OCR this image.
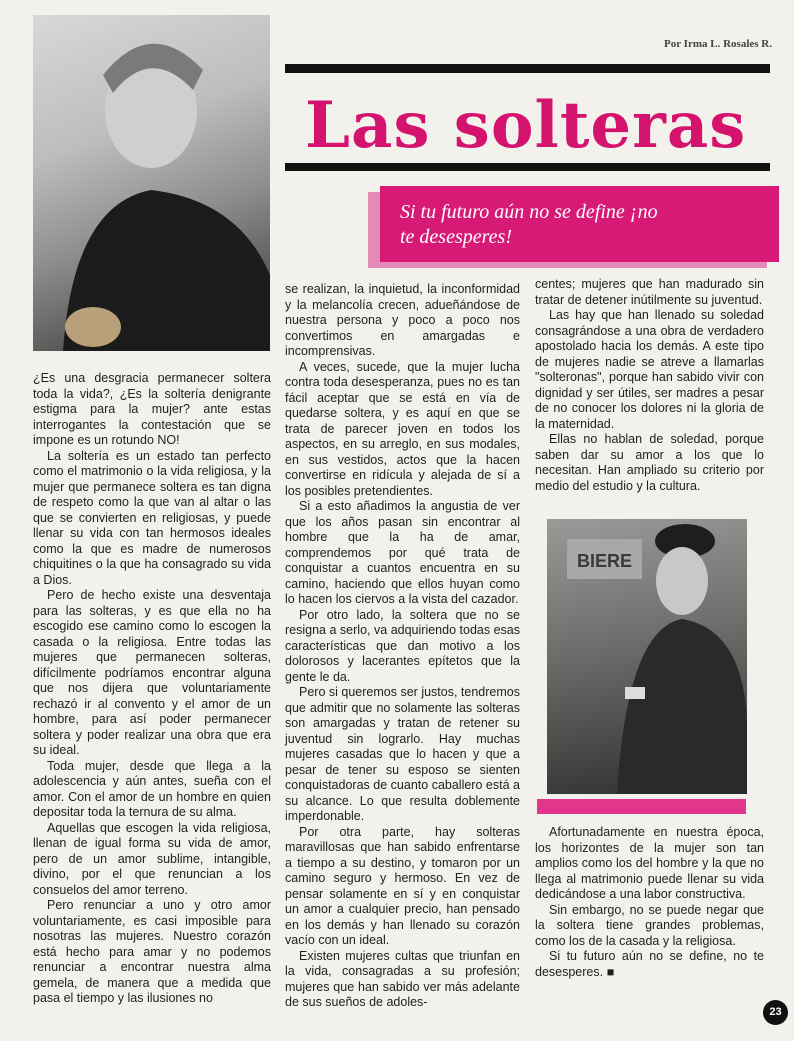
Por Irma L. Rosales R.
Las solteras
Si tu futuro aún no se define ¡no te desesperes!

¿Es una desgracia permanecer soltera toda la vida?, ¿Es la soltería denigrante estigma para la mujer? ante estas interrogantes la contestación que se impone es un rotundo NO!

La soltería es un estado tan perfecto como el matrimonio o la vida religiosa, y la mujer que permanece soltera es tan digna de respeto como la que van al altar o las que se convierten en religiosas, y puede llenar su vida con tan hermosos ideales como la que es madre de numerosos chiquitines o la que ha consagrado su vida a Dios.

Pero de hecho existe una desventaja para las solteras, y es que ella no ha escogido ese camino como lo escogen la casada o la religiosa. Entre todas las mujeres que permanecen solteras, difícilmente podríamos encontrar alguna que nos dijera que voluntariamente rechazó ir al convento y el amor de un hombre, para así poder permanecer soltera y poder realizar una obra que era su ideal.

Toda mujer, desde que llega a la adolescencia y aún antes, sueña con el amor. Con el amor de un hombre en quien depositar toda la ternura de su alma.

Aquellas que escogen la vida religiosa, llenan de igual forma su vida de amor, pero de un amor sublime, intangible, divino, por el que renuncian a los consuelos del amor terreno.

Pero renunciar a uno y otro amor voluntariamente, es casi imposible para nosotras las mujeres. Nuestro corazón está hecho para amar y no podemos renunciar a encontrar nuestra alma gemela, de manera que a medida que pasa el tiempo y las ilusiones no

se realizan, la inquietud, la inconformidad y la melancolía crecen, adueñándose de nuestra persona y poco a poco nos convertimos en amargadas e incomprensivas.

A veces, sucede, que la mujer lucha contra toda desesperanza, pues no es tan fácil aceptar que se está en vía de quedarse soltera, y es aquí en que se trata de parecer joven en todos los aspectos, en su arreglo, en sus modales, en sus vestidos, actos que la hacen convertirse en ridícula y alejada de sí a los posibles pretendientes.

Si a esto añadimos la angustia de ver que los años pasan sin encontrar al hombre que la ha de amar, comprendemos por qué trata de conquistar a cuantos encuentra en su camino, haciendo que ellos huyan como lo hacen los ciervos a la vista del cazador.

Por otro lado, la soltera que no se resigna a serlo, va adquiriendo todas esas características que dan motivo a los dolorosos y lacerantes epítetos que la gente le da.

Pero si queremos ser justos, tendremos que admitir que no solamente las solteras son amargadas y tratan de retener su juventud sin lograrlo. Hay muchas mujeres casadas que lo hacen y que a pesar de tener su esposo se sienten conquistadoras de cuanto caballero está a su alcance. Lo que resulta doblemente imperdonable.

Por otra parte, hay solteras maravillosas que han sabido enfrentarse a tiempo a su destino, y tomaron por un camino seguro y hermoso. En vez de pensar solamente en sí y en conquistar un amor a cualquier precio, han pensado en los demás y han llenado su corazón vacío con un ideal.

Existen mujeres cultas que triunfan en la vida, consagradas a su profesión; mujeres que han sabido ver más adelante de sus sueños de adoles-

centes; mujeres que han madurado sin tratar de detener inútilmente su juventud.

Las hay que han llenado su soledad consagrándose a una obra de verdadero apostolado hacia los demás. A este tipo de mujeres nadie se atreve a llamarlas "solteronas", porque han sabido vivir con dignidad y ser útiles, ser madres a pesar de no conocer los dolores ni la gloria de la maternidad.

Ellas no hablan de soledad, porque saben dar su amor a los que lo necesitan. Han ampliado su criterio por medio del estudio y la cultura.

BIERE

Afortunadamente en nuestra época, los horizontes de la mujer son tan amplios como los del hombre y la que no llega al matrimonio puede llenar su vida dedicándose a una labor constructiva.

Sin embargo, no se puede negar que la soltera tiene grandes problemas, como los de la casada y la religiosa.

Si tu futuro aún no se define, no te desesperes. ■

23
